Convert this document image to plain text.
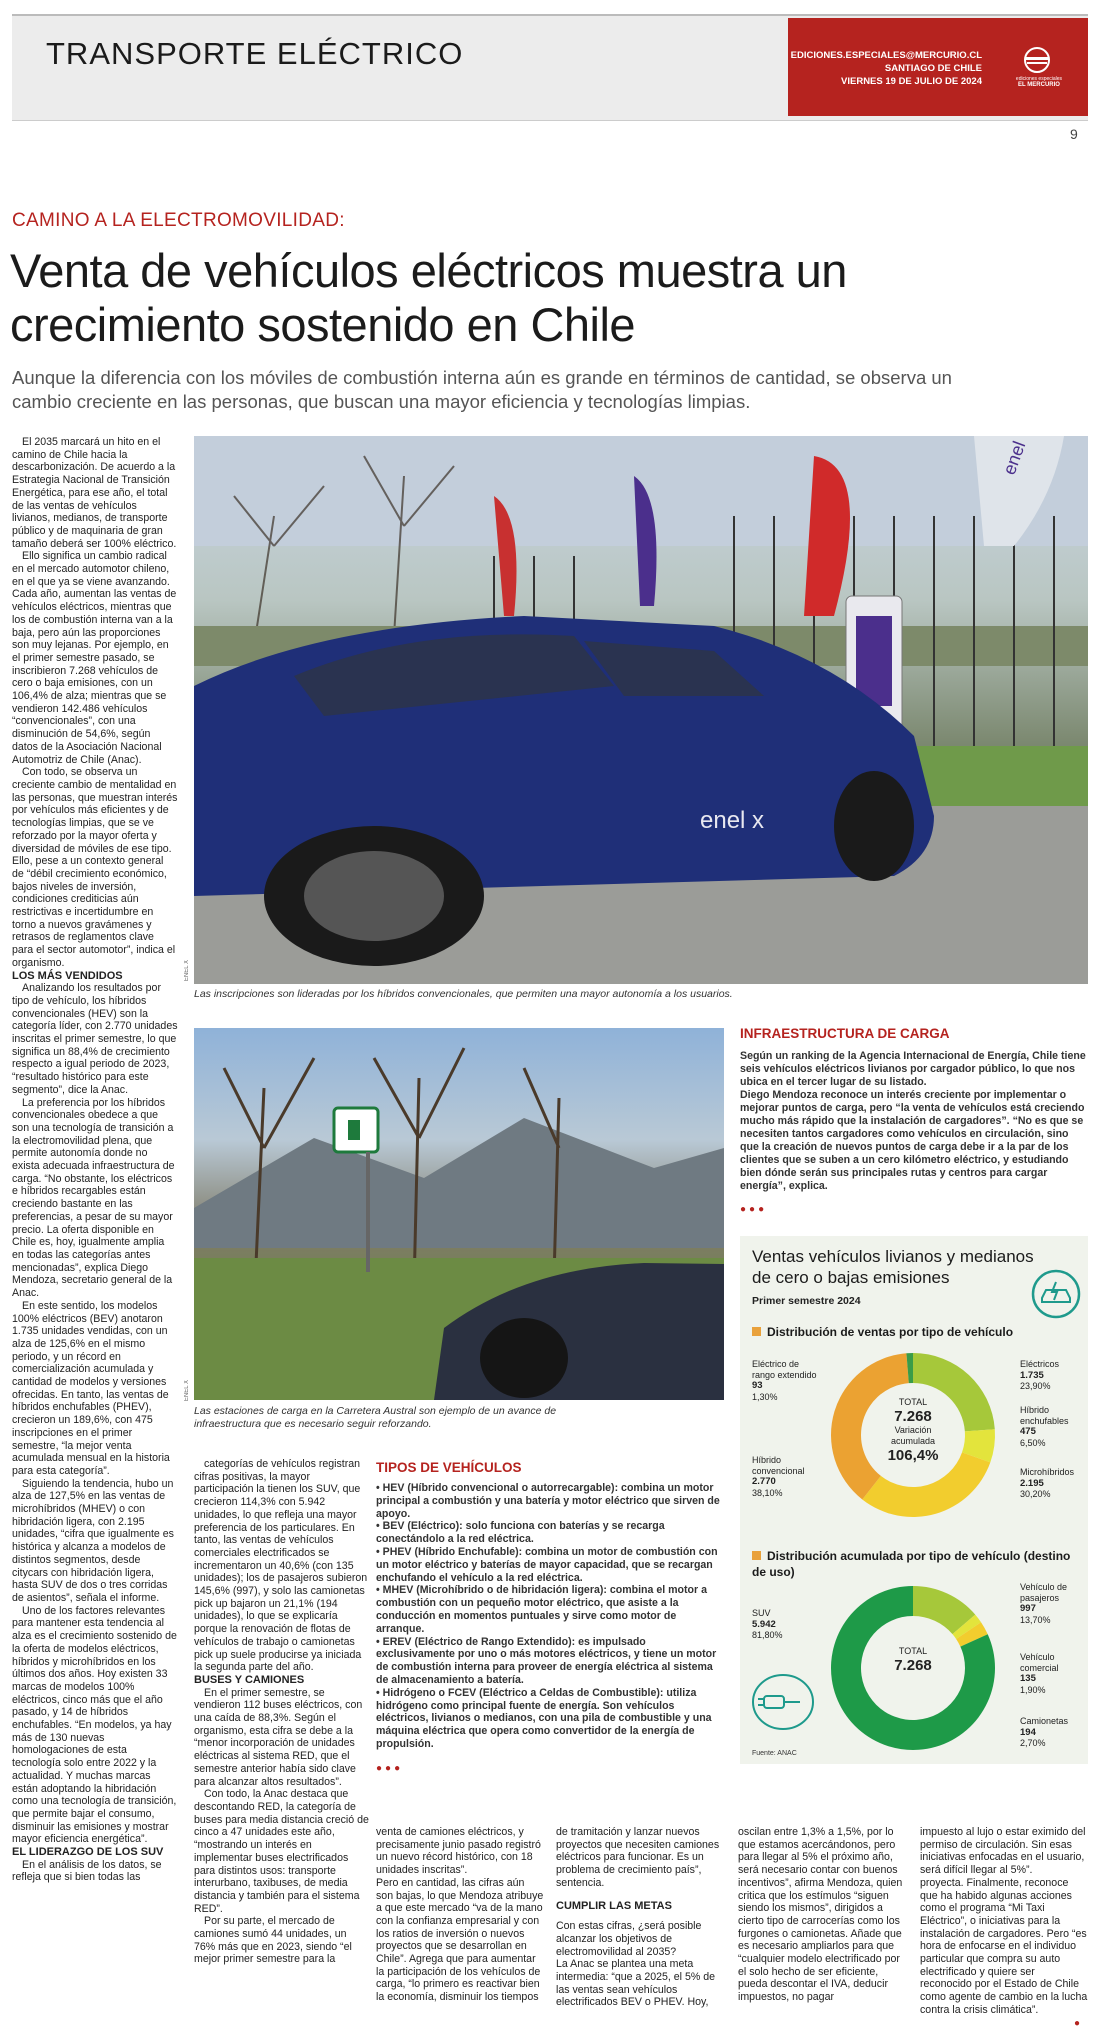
TRANSPORTE ELÉCTRICO	EDICIONES.ESPECIALES@MERCURIO.CL
SANTIAGO DE CHILE
VIERNES 19 DE JULIO DE 2024	ediciones especiales
EL MERCURIO
9
CAMINO A LA ELECTROMOVILIDAD:
Venta de vehículos eléctricos muestra un crecimiento sostenido en Chile
Aunque la diferencia con los móviles de combustión interna aún es grande en términos de cantidad, se observa un cambio creciente en las personas, que buscan una mayor eficiencia y tecnologías limpias.

El 2035 marcará un hito en el camino de Chile hacia la descarbonización. De acuerdo a la Estrategia Nacional de Transición Energética, para ese año, el total de las ventas de vehículos livianos, medianos, de transporte público y de maquinaria de gran tamaño deberá ser 100% eléctrico.

Ello significa un cambio radical en el mercado automotor chileno, en el que ya se viene avanzando. Cada año, aumentan las ventas de vehículos eléctricos, mientras que los de combustión interna van a la baja, pero aún las proporciones son muy lejanas. Por ejemplo, en el primer semestre pasado, se inscribieron 7.268 vehículos de cero o baja emisiones, con un 106,4% de alza; mientras que se vendieron 142.486 vehículos “convencionales”, con una disminución de 54,6%, según datos de la Asociación Nacional Automotriz de Chile (Anac).

Con todo, se observa un creciente cambio de mentalidad en las personas, que muestran interés por vehículos más eficientes y de tecnologías limpias, que se ve reforzado por la mayor oferta y diversidad de móviles de ese tipo. Ello, pese a un contexto general de “débil crecimiento económico, bajos niveles de inversión, condiciones crediticias aún restrictivas e incertidumbre en torno a nuevos gravámenes y retrasos de reglamentos clave para el sector automotor”, indica el organismo.

LOS MÁS VENDIDOS

Analizando los resultados por tipo de vehículo, los híbridos convencionales (HEV) son la categoría líder, con 2.770 unidades inscritas el primer semestre, lo que significa un 88,4% de crecimiento respecto a igual periodo de 2023, “resultado histórico para este segmento”, dice la Anac.

La preferencia por los híbridos convencionales obedece a que son una tecnología de transición a la electromovilidad plena, que permite autonomía donde no exista adecuada infraestructura de carga. “No obstante, los eléctricos e híbridos recargables están creciendo bastante en las preferencias, a pesar de su mayor precio. La oferta disponible en Chile es, hoy, igualmente amplia en todas las categorías antes mencionadas”, explica Diego Mendoza, secretario general de la Anac.

En este sentido, los modelos 100% eléctricos (BEV) anotaron 1.735 unidades vendidas, con un alza de 125,6% en el mismo periodo, y un récord en comercialización acumulada y cantidad de modelos y versiones ofrecidas. En tanto, las ventas de híbridos enchufables (PHEV), crecieron un 189,6%, con 475 inscripciones en el primer semestre, “la mejor venta acumulada mensual en la historia para esta categoría”.

Siguiendo la tendencia, hubo un alza de 127,5% en las ventas de microhíbridos (MHEV) o con hibridación ligera, con 2.195 unidades, “cifra que igualmente es histórica y alcanza a modelos de distintos segmentos, desde citycars con hibridación ligera, hasta SUV de dos o tres corridas de asientos”, señala el informe.

Uno de los factores relevantes para mantener esta tendencia al alza es el crecimiento sostenido de la oferta de modelos eléctricos, híbridos y microhíbridos en los últimos dos años. Hoy existen 33 marcas de modelos 100% eléctricos, cinco más que el año pasado, y 14 de híbridos enchufables. “En modelos, ya hay más de 130 nuevas homologaciones de esta tecnología solo entre 2022 y la actualidad. Y muchas marcas están adoptando la hibridación como una tecnología de transición, que permite bajar el consumo, disminuir las emisiones y mostrar mayor eficiencia energética”.

EL LIDERAZGO DE LOS SUV

En el análisis de los datos, se refleja que si bien todas las

enel
enel x
ENEL X
Las inscripciones son lideradas por los híbridos convencionales, que permiten una mayor autonomía a los usuarios.
ENEL X
Las estaciones de carga en la Carretera Austral son ejemplo de un avance de infraestructura que es necesario seguir reforzando.
INFRAESTRUCTURA DE CARGA
Según un ranking de la Agencia Internacional de Energía, Chile tiene seis vehículos eléctricos livianos por cargador público, lo que nos ubica en el tercer lugar de su listado.
Diego Mendoza reconoce un interés creciente por implementar o mejorar puntos de carga, pero “la venta de vehículos está creciendo mucho más rápido que la instalación de cargadores”. “No es que se necesiten tantos cargadores como vehículos en circulación, sino que la creación de nuevos puntos de carga debe ir a la par de los clientes que se suben a un cero kilómetro eléctrico, y estudiando bien dónde serán sus principales rutas y centros para cargar energía”, explica.
●●●
Ventas vehículos livianos y medianos de cero o bajas emisiones
Primer semestre 2024
Distribución de ventas por tipo de vehículo
Eléctrico de rango extendido
93
1,30%
Híbrido convencional
2.770
38,10%
Eléctricos
1.735
23,90%
Híbrido enchufables
475
6,50%
Microhíbridos
2.195
30,20%
TOTAL
7.268
Variación acumulada
106,4%
Distribución acumulada por tipo de vehículo (destino de uso)
SUV
5.942
81,80%
Vehículo de pasajeros
997
13,70%
Vehículo comercial
135
1,90%
Camionetas
194
2,70%
TOTAL
7.268
Fuente: ANAC

categorías de vehículos registran cifras positivas, la mayor participación la tienen los SUV, que crecieron 114,3% con 5.942 unidades, lo que refleja una mayor preferencia de los particulares. En tanto, las ventas de vehículos comerciales electrificados se incrementaron un 40,6% (con 135 unidades); los de pasajeros subieron 145,6% (997), y solo las camionetas pick up bajaron un 21,1% (194 unidades), lo que se explicaría porque la renovación de flotas de vehículos de trabajo o camionetas pick up suele producirse ya iniciada la segunda parte del año.

BUSES Y CAMIONES

En el primer semestre, se vendieron 112 buses eléctricos, con una caída de 88,3%. Según el organismo, esta cifra se debe a la “menor incorporación de unidades eléctricas al sistema RED, que el semestre anterior había sido clave para alcanzar altos resultados”.

Con todo, la Anac destaca que descontando RED, la categoría de buses para media distancia creció de cinco a 47 unidades este año, “mostrando un interés en implementar buses electrificados para distintos usos: transporte interurbano, taxibuses, de media distancia y también para el sistema RED”.

Por su parte, el mercado de camiones sumó 44 unidades, un 76% más que en 2023, siendo “el mejor primer semestre para la

TIPOS DE VEHÍCULOS
• HEV (Híbrido convencional o autorrecargable): combina un motor principal a combustión y una batería y motor eléctrico que sirven de apoyo.
• BEV (Eléctrico): solo funciona con baterías y se recarga conectándolo a la red eléctrica.
• PHEV (Híbrido Enchufable): combina un motor de combustión con un motor eléctrico y baterías de mayor capacidad, que se recargan enchufando el vehículo a la red eléctrica.
• MHEV (Microhíbrido o de hibridación ligera): combina el motor a combustión con un pequeño motor eléctrico, que asiste a la conducción en momentos puntuales y sirve como motor de arranque.
• EREV (Eléctrico de Rango Extendido): es impulsado exclusivamente por uno o más motores eléctricos, y tiene un motor de combustión interna para proveer de energía eléctrica al sistema de almacenamiento a batería.
• Hidrógeno o FCEV (Eléctrico a Celdas de Combustible): utiliza hidrógeno como principal fuente de energía. Son vehículos eléctricos, livianos o medianos, con una pila de combustible y una máquina eléctrica que opera como convertidor de la energía de propulsión.
●●●
venta de camiones eléctricos, y precisamente junio pasado registró un nuevo récord histórico, con 18 unidades inscritas”.
Pero en cantidad, las cifras aún son bajas, lo que Mendoza atribuye a que este mercado “va de la mano con la confianza empresarial y con los ratios de inversión o nuevos proyectos que se desarrollan en Chile”. Agrega que para aumentar la participación de los vehículos de carga, “lo primero es reactivar bien la economía, disminuir los tiempos
de tramitación y lanzar nuevos proyectos que necesiten camiones eléctricos para funcionar. Es un problema de crecimiento país”, sentencia.
CUMPLIR LAS METAS
Con estas cifras, ¿será posible alcanzar los objetivos de electromovilidad al 2035?
La Anac se plantea una meta intermedia: “que a 2025, el 5% de las ventas sean vehículos electrificados BEV o PHEV. Hoy,
oscilan entre 1,3% a 1,5%, por lo que estamos acercándonos, pero para llegar al 5% el próximo año, será necesario contar con buenos incentivos”, afirma Mendoza, quien critica que los estímulos “siguen siendo los mismos”, dirigidos a cierto tipo de carrocerías como los furgones o camionetas. Añade que es necesario ampliarlos para que “cualquier modelo electrificado por el solo hecho de ser eficiente, pueda descontar el IVA, deducir impuestos, no pagar
impuesto al lujo o estar eximido del permiso de circulación. Sin esas iniciativas enfocadas en el usuario, será difícil llegar al 5%”.
proyecta. Finalmente, reconoce que ha habido algunas acciones como el programa “Mi Taxi Eléctrico”, o iniciativas para la instalación de cargadores. Pero “es hora de enfocarse en el individuo particular que compra su auto electrificado y quiere ser reconocido por el Estado de Chile como agente de cambio en la lucha contra la crisis climática”.
●
